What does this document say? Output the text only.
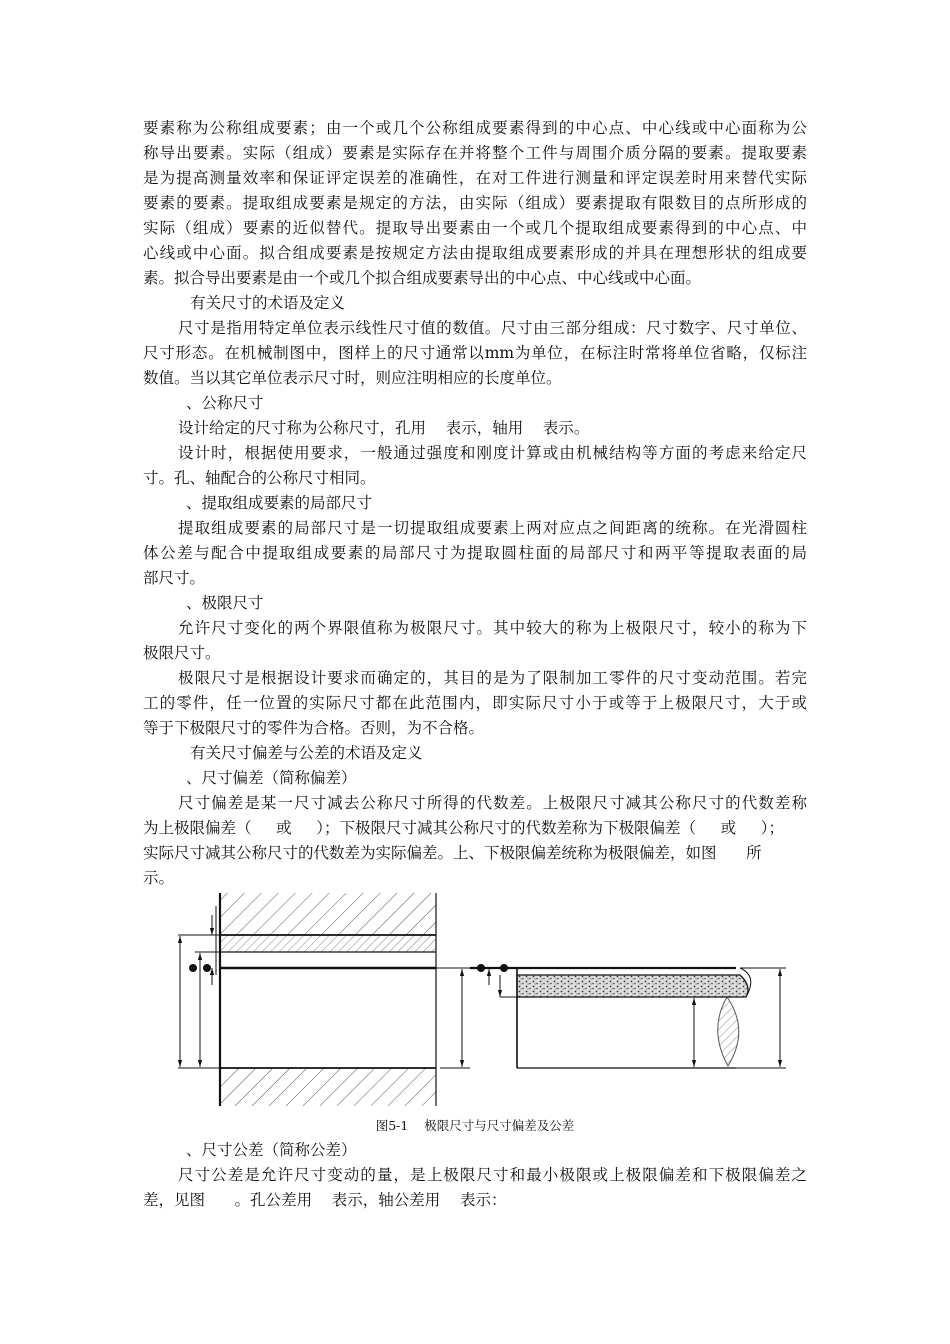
要素称为公称组成要素；由一个或几个公称组成要素得到的中心点、中心线或中心面称为公
称导出要素。实际（组成）要素是实际存在并将整个工件与周围介质分隔的要素。提取要素
是为提高测量效率和保证评定误差的准确性，在对工件进行测量和评定误差时用来替代实际
要素的要素。提取组成要素是规定的方法，由实际（组成）要素提取有限数目的点所形成的
实际（组成）要素的近似替代。提取导出要素由一个或几个提取组成要素得到的中心点、中
心线或中心面。拟合组成要素是按规定方法由提取组成要素形成的并具在理想形状的组成要
素。拟合导出要素是由一个或几个拟合组成要素导出的中心点、中心线或中心面。
有关尺寸的术语及定义
尺寸是指用特定单位表示线性尺寸值的数值。尺寸由三部分组成：尺寸数字、尺寸单位、
尺寸形态。在机械制图中，图样上的尺寸通常以mm为单位，在标注时常将单位省略，仅标注
数值。当以其它单位表示尺寸时，则应注明相应的长度单位。
、公称尺寸
设计给定的尺寸称为公称尺寸，孔用    表示，轴用    表示。
设计时，根据使用要求，一般通过强度和刚度计算或由机械结构等方面的考虑来给定尺
寸。孔、轴配合的公称尺寸相同。
、提取组成要素的局部尺寸
提取组成要素的局部尺寸是一切提取组成要素上两对应点之间距离的统称。在光滑圆柱
体公差与配合中提取组成要素的局部尺寸为提取圆柱面的局部尺寸和两平等提取表面的局
部尺寸。
、极限尺寸
允许尺寸变化的两个界限值称为极限尺寸。其中较大的称为上极限尺寸，较小的称为下
极限尺寸。
极限尺寸是根据设计要求而确定的，其目的是为了限制加工零件的尺寸变动范围。若完
工的零件，任一位置的实际尺寸都在此范围内，即实际尺寸小于或等于上极限尺寸，大于或
等于下极限尺寸的零件为合格。否则，为不合格。
有关尺寸偏差与公差的术语及定义
、尺寸偏差（简称偏差）
尺寸偏差是某一尺寸减去公称尺寸所得的代数差。上极限尺寸减其公称尺寸的代数差称
为上极限偏差（     或     ）；下极限尺寸减其公称尺寸的代数差称为下极限偏差（     或     ）；
实际尺寸减其公称尺寸的代数差为实际偏差。上、下极限偏差统称为极限偏差，如图      所
示。
图5-1    极限尺寸与尺寸偏差及公差
、尺寸公差（简称公差）
尺寸公差是允许尺寸变动的量，是上极限尺寸和最小极限或上极限偏差和下极限偏差之
差，见图      。孔公差用    表示，轴公差用    表示：
